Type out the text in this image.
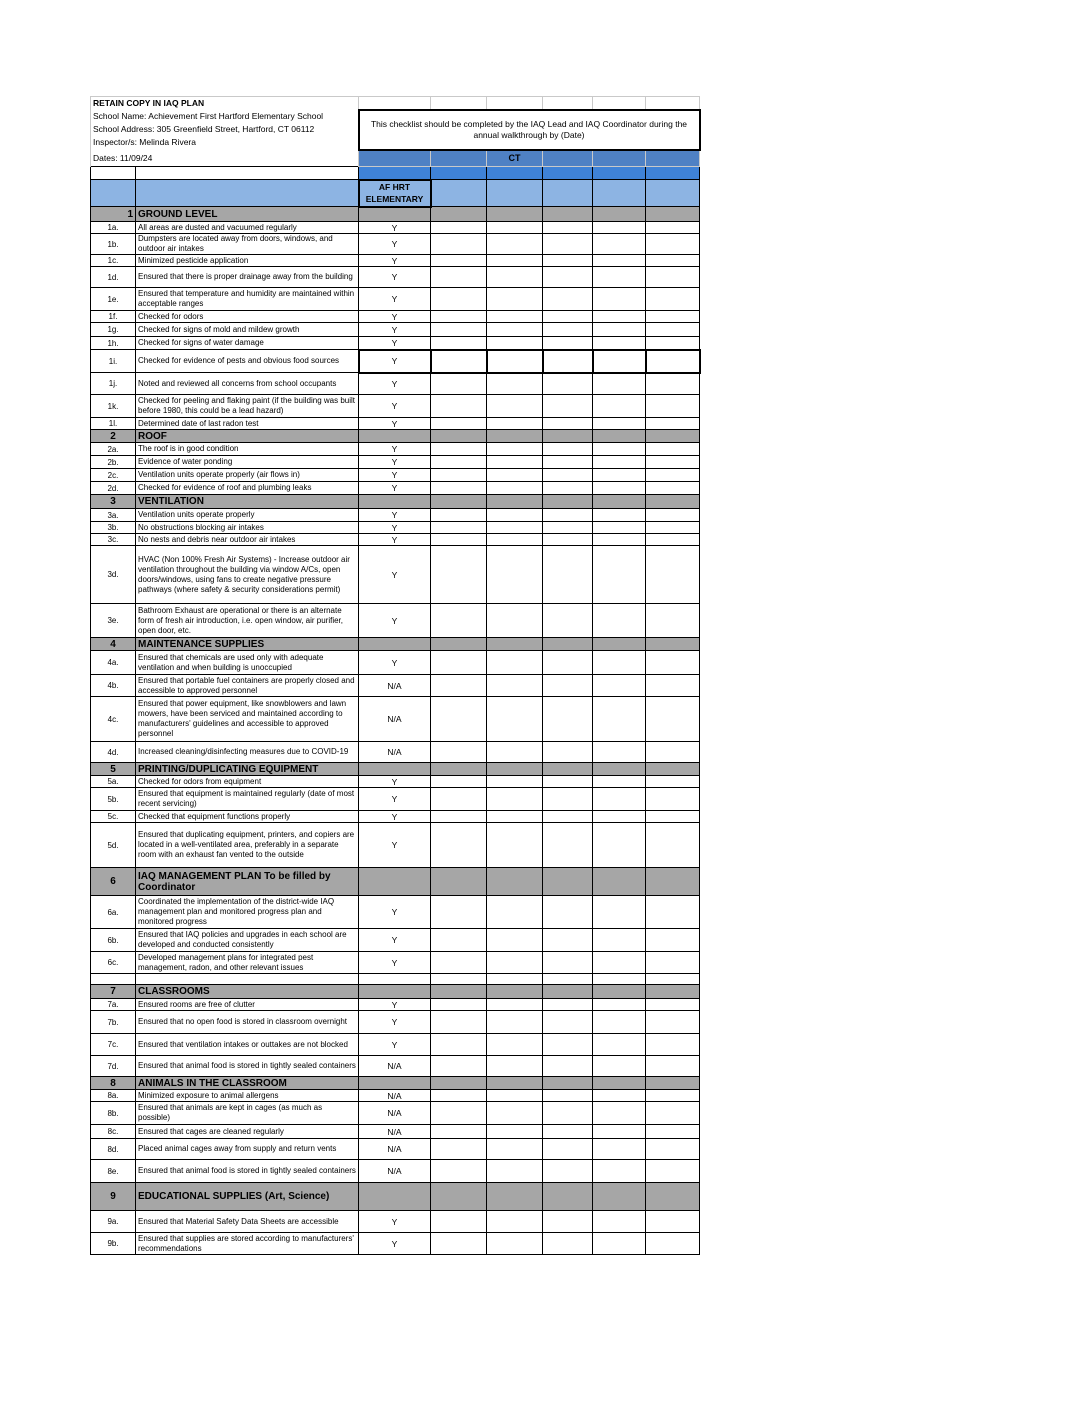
RETAIN COPY IN IAQ PLAN							
School Name: Achievement First Hartford Elementary School		This checklist should be completed by the IAQ Lead and IAQ Coordinator during the annual walkthrough by (Date)					
School Address: 305 Greenfield Street, Hartford, CT 06112							
Inspector/s: Melinda Rivera							
Dates: 11/09/24				CT			

		AF HRT ELEMENTARY					
1	GROUND LEVEL						
1a.	All areas are dusted and vacuumed regularly	Y					
1b.	Dumpsters are located away from doors, windows, and outdoor air intakes	Y					
1c.	Minimized pesticide application	Y					
1d.	Ensured that there is proper drainage away from the building	Y					
1e.	Ensured that temperature and humidity are maintained within acceptable ranges	Y					
1f.	Checked for odors	Y					
1g.	Checked for signs of mold and mildew growth	Y					
1h.	Checked for signs of water damage	Y					
1i.	Checked for evidence of pests and obvious food sources	Y					
1j.	Noted and reviewed all concerns from school occupants	Y					
1k.	Checked for peeling and flaking paint (if the building was built before 1980, this could be a lead hazard)	Y					
1l.	Determined date of last radon test	Y					
2	ROOF						
2a.	The roof is in good condition	Y					
2b.	Evidence of water ponding	Y					
2c.	Ventilation units operate properly (air flows in)	Y					
2d.	Checked for evidence of roof and plumbing leaks	Y					
3	VENTILATION						
3a.	Ventilation units operate properly	Y					
3b.	No obstructions blocking air intakes	Y					
3c.	No nests and debris near outdoor air intakes	Y					
3d.	HVAC (Non 100% Fresh Air Systems) - Increase outdoor air ventilation throughout the building via window A/Cs, open doors/windows, using fans to create negative pressure pathways (where safety & security considerations permit)	Y					
3e.	Bathroom Exhaust are operational or there is an alternate form of fresh air introduction, i.e. open window, air purifier, open door, etc.	Y					
4	MAINTENANCE SUPPLIES						
4a.	Ensured that chemicals are used only with adequate ventilation and when building is unoccupied	Y					
4b.	Ensured that portable fuel containers are properly closed and accessible to approved personnel	N/A					
4c.	Ensured that power equipment, like snowblowers and lawn mowers, have been serviced and maintained according to manufacturers' guidelines and accessible to approved personnel	N/A					
4d.	Increased cleaning/disinfecting measures due to COVID-19	N/A					
5	PRINTING/DUPLICATING EQUIPMENT						
5a.	Checked for odors from equipment	Y					
5b.	Ensured that equipment is maintained regularly (date of most recent servicing)	Y					
5c.	Checked that equipment functions properly	Y					
5d.	Ensured that duplicating equipment, printers, and copiers are located in a well-ventilated area, preferably in a separate room with an exhaust fan vented to the outside	Y					
6	IAQ MANAGEMENT PLAN To be filled by Coordinator						
6a.	Coordinated the implementation of the district-wide IAQ management plan and monitored progress plan and monitored progress	Y					
6b.	Ensured that IAQ policies and upgrades in each school are developed and conducted consistently	Y					
6c.	Developed management plans for integrated pest management, radon, and other relevant issues	Y					

7	CLASSROOMS						
7a.	Ensured rooms are free of clutter	Y					
7b.	Ensured that no open food is stored in classroom overnight	Y					
7c.	Ensured that ventilation intakes or outtakes are not blocked	Y					
7d.	Ensured that animal food is stored in tightly sealed containers	N/A					
8	ANIMALS IN THE CLASSROOM						
8a.	Minimized exposure to animal allergens	N/A					
8b.	Ensured that animals are kept in cages (as much as possible)	N/A					
8c.	Ensured that cages are cleaned regularly	N/A					
8d.	Placed animal cages away from supply and return vents	N/A					
8e.	Ensured that animal food is stored in tightly sealed containers	N/A					
9	EDUCATIONAL SUPPLIES (Art, Science)						
9a.	Ensured that Material Safety Data Sheets are accessible	Y					
9b.	Ensured that supplies are stored according to manufacturers' recommendations	Y					
